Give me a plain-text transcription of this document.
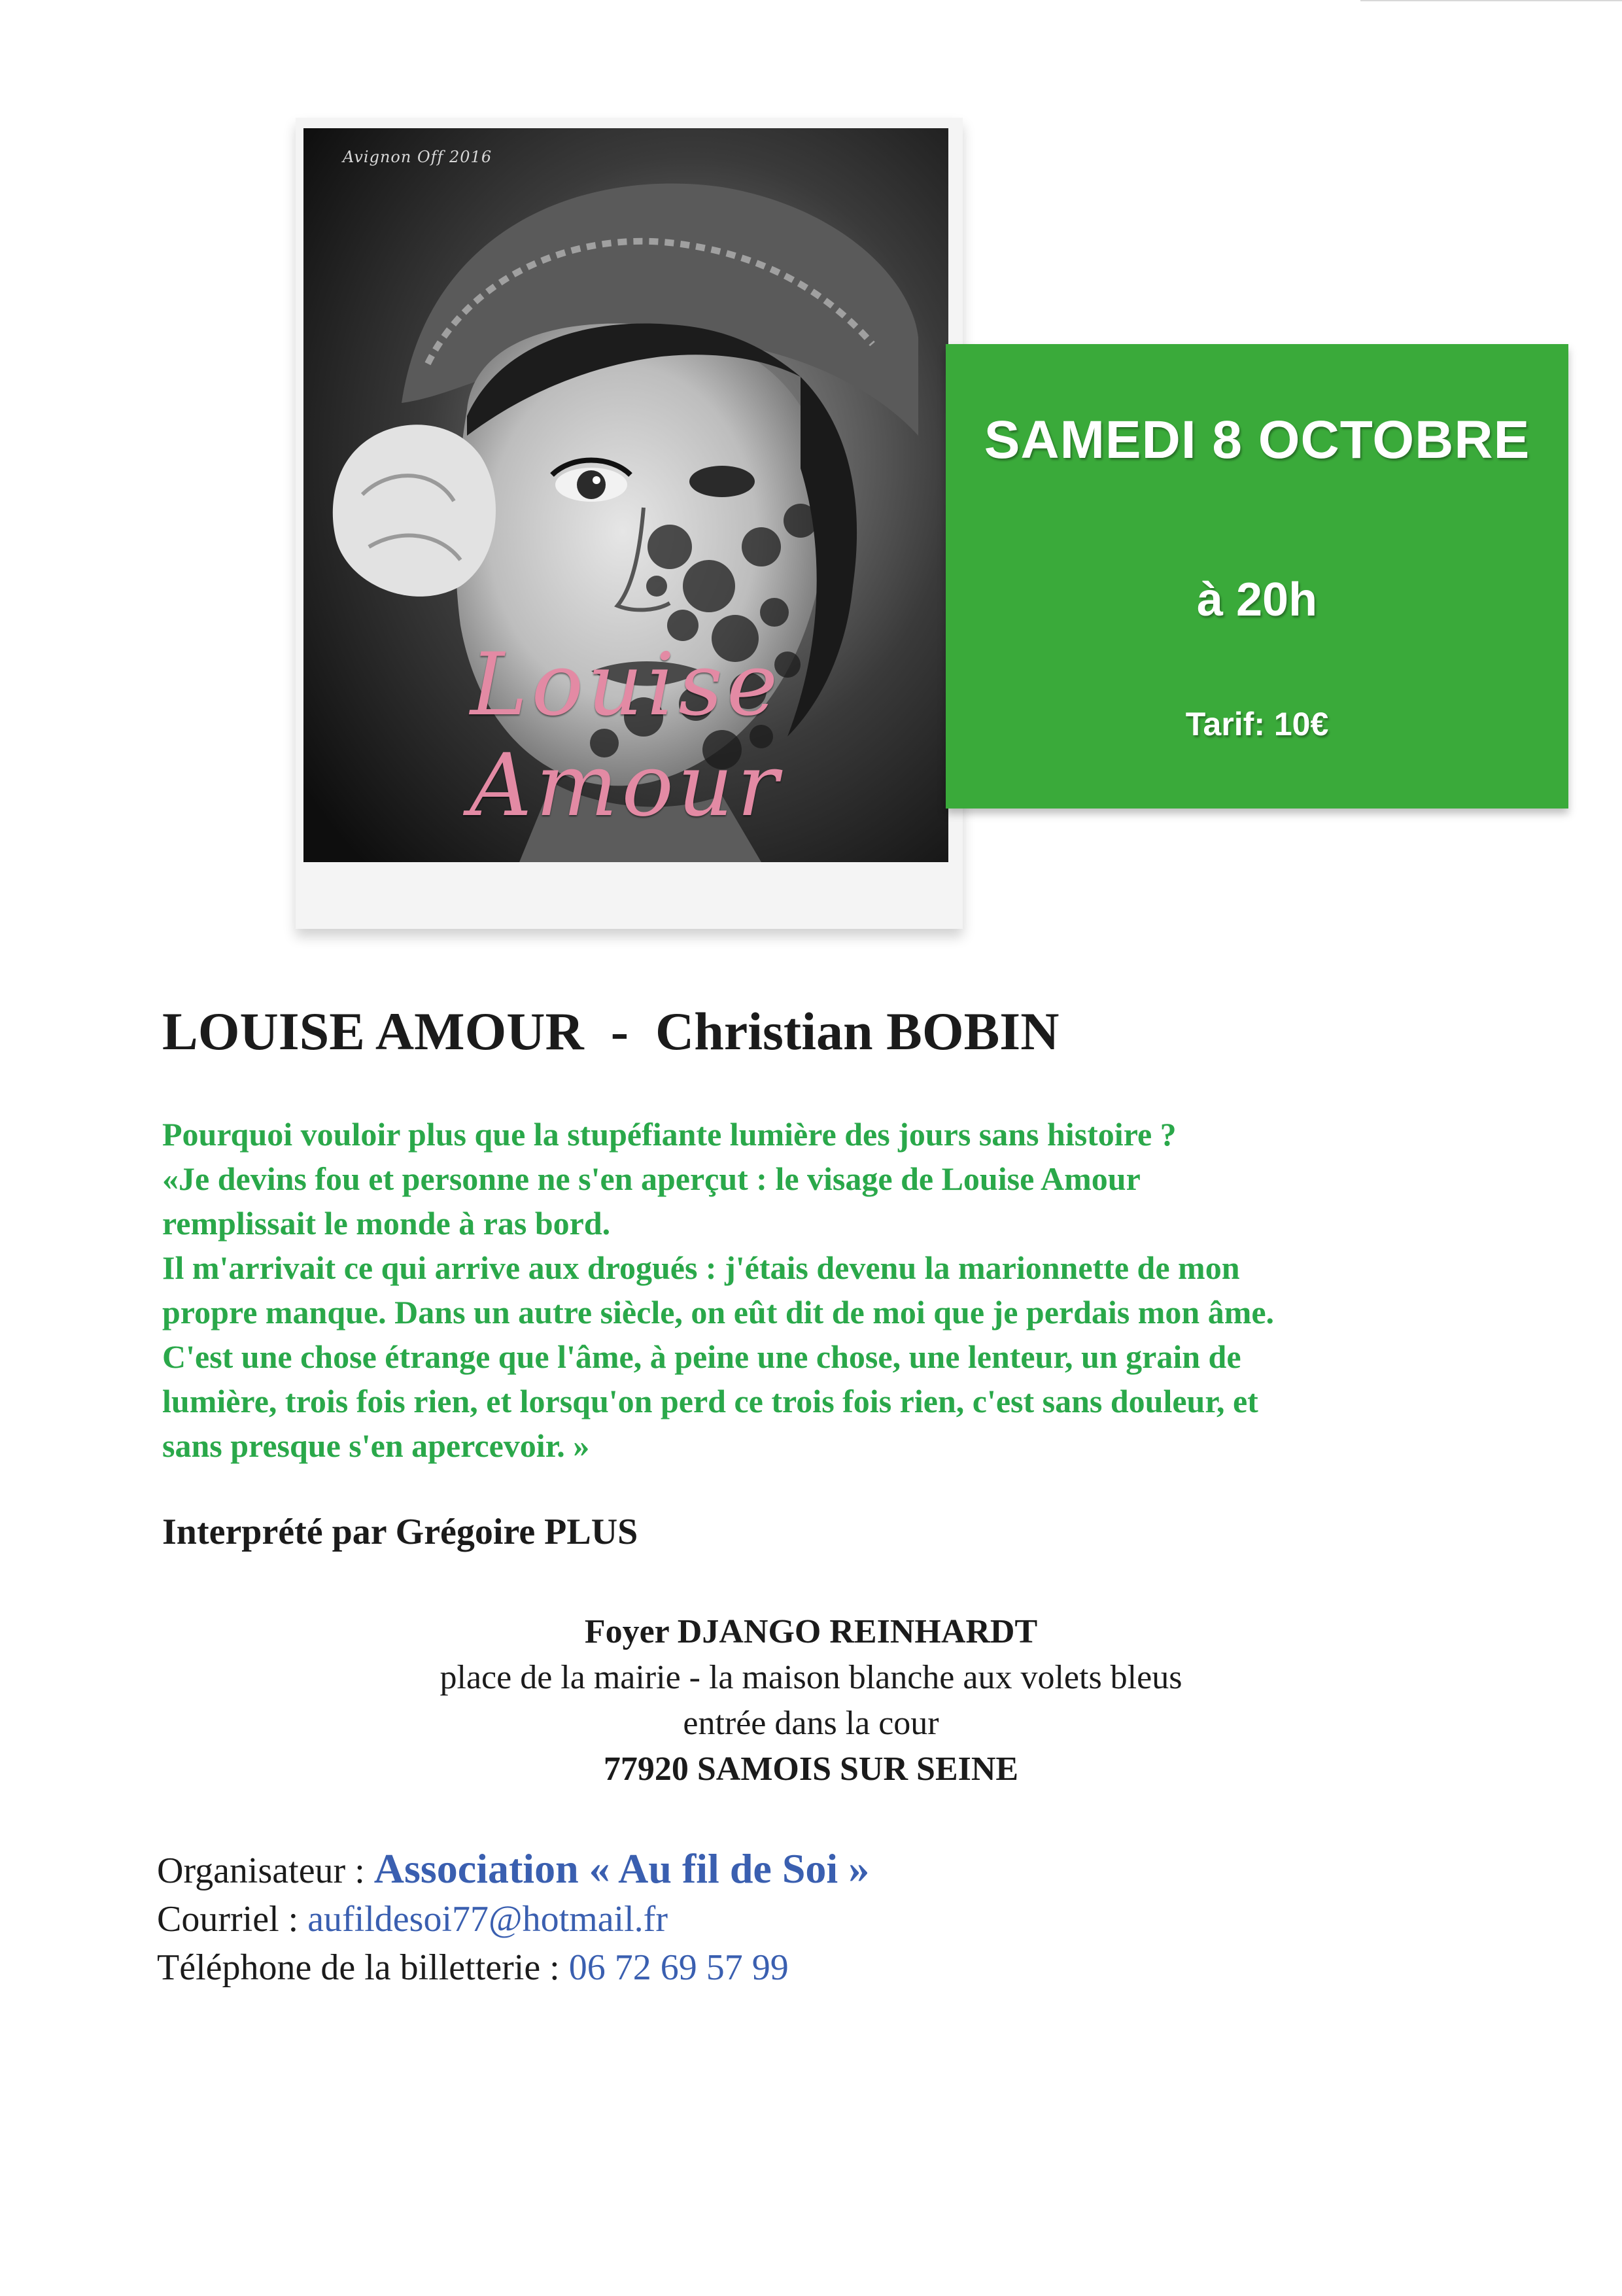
Avignon Off 2016
Louise Amour
SAMEDI 8 OCTOBRE
à 20h
Tarif: 10€
LOUISE AMOUR  -  Christian BOBIN
Pourquoi vouloir plus que la stupéfiante lumière des jours sans histoire ?
«Je devins fou et personne ne s'en aperçut : le visage de Louise Amour
remplissait le monde à ras bord.
Il m'arrivait ce qui arrive aux drogués : j'étais devenu la marionnette de mon
propre manque. Dans un autre siècle, on eût dit de moi que je perdais mon âme.
C'est une chose étrange que l'âme, à peine une chose, une lenteur, un grain de
lumière, trois fois rien, et lorsqu'on perd ce trois fois rien, c'est sans douleur, et
sans presque s'en apercevoir. »
Interprété par Grégoire PLUS
Foyer DJANGO REINHARDT
place de la mairie - la maison blanche aux volets bleus
entrée dans la cour
77920 SAMOIS SUR SEINE
Organisateur : Association « Au fil de Soi »
Courriel : aufildesoi77@hotmail.fr
Téléphone de la billetterie : 06 72 69 57 99
